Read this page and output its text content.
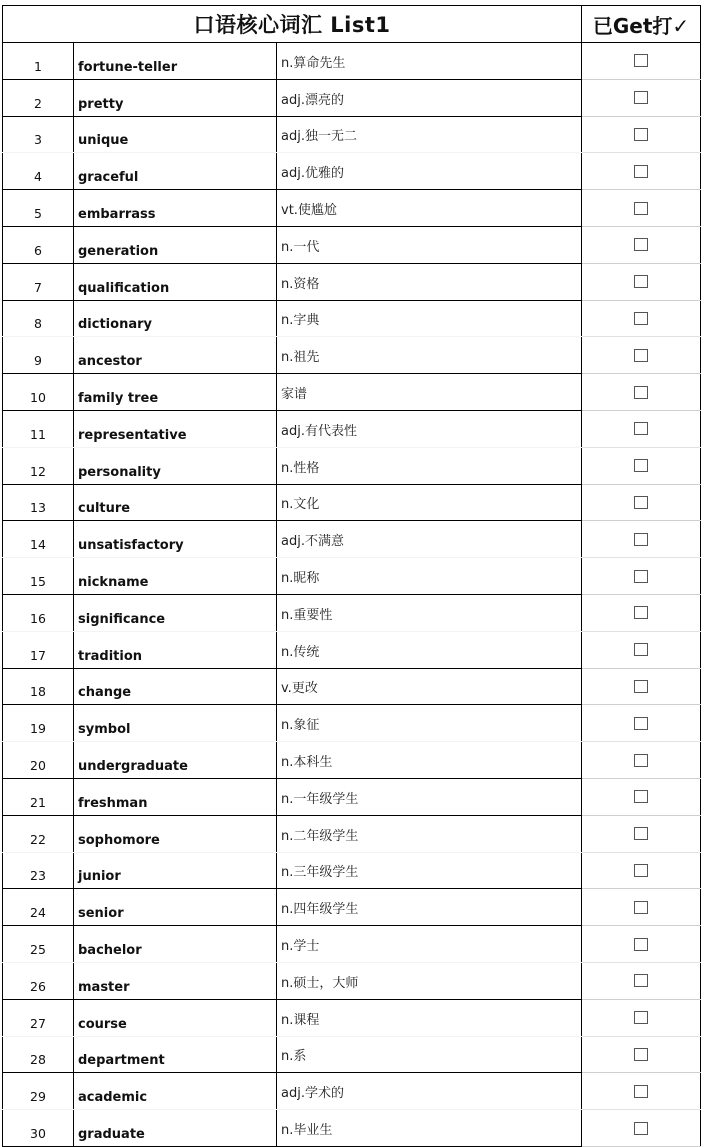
口语核心词汇 List1			已Get打✓
1	fortune-teller	n.算命先生	
2	pretty	adj.漂亮的	
3	unique	adj.独一无二	
4	graceful	adj.优雅的	
5	embarrass	vt.使尴尬	
6	generation	n.一代	
7	qualification	n.资格	
8	dictionary	n.字典	
9	ancestor	n.祖先	
10	family tree	家谱	
11	representative	adj.有代表性	
12	personality	n.性格	
13	culture	n.文化	
14	unsatisfactory	adj.不满意	
15	nickname	n.昵称	
16	significance	n.重要性	
17	tradition	n.传统	
18	change	v.更改	
19	symbol	n.象征	
20	undergraduate	n.本科生	
21	freshman	n.一年级学生	
22	sophomore	n.二年级学生	
23	junior	n.三年级学生	
24	senior	n.四年级学生	
25	bachelor	n.学士	
26	master	n.硕士，大师	
27	course	n.课程	
28	department	n.系	
29	academic	adj.学术的	
30	graduate	n.毕业生	
